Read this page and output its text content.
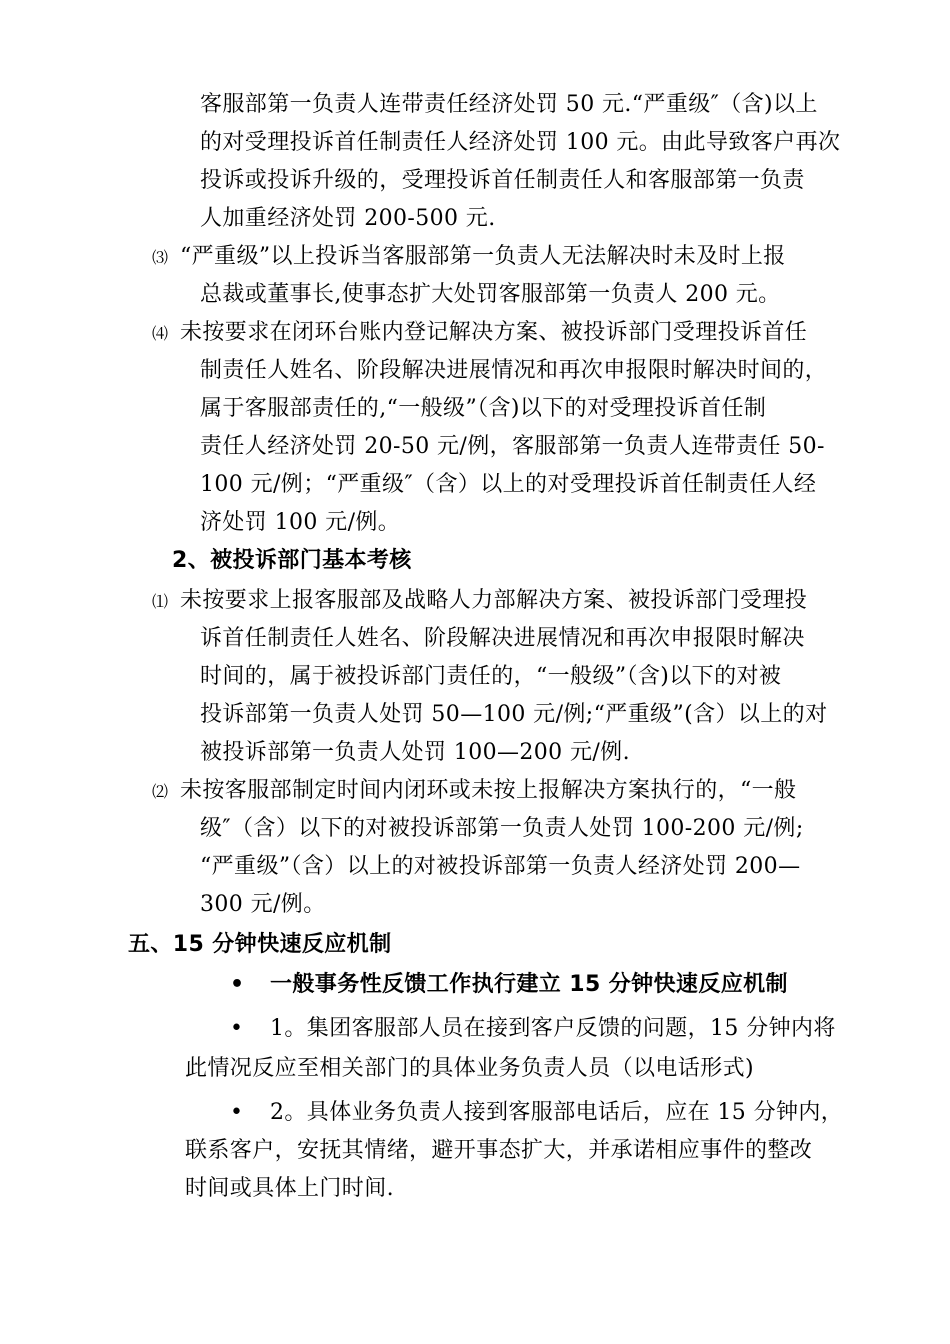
客服部第一负责人连带责任经济处罚 50 元.“严重级″（含)以上
的对受理投诉首任制责任人经济处罚 100 元。由此导致客户再次
投诉或投诉升级的，受理投诉首任制责任人和客服部第一负责
人加重经济处罚 200-500 元.
⑶ “严重级”以上投诉当客服部第一负责人无法解决时未及时上报
总裁或董事长,使事态扩大处罚客服部第一负责人 200 元。
⑷ 未按要求在闭环台账内登记解决方案、被投诉部门受理投诉首任
制责任人姓名、阶段解决进展情况和再次申报限时解决时间的，
属于客服部责任的,“一般级”（含)以下的对受理投诉首任制
责任人经济处罚 20-50 元/例，客服部第一负责人连带责任 50-
100 元/例；“严重级″（含）以上的对受理投诉首任制责任人经
济处罚 100 元/例。
2、被投诉部门基本考核
⑴ 未按要求上报客服部及战略人力部解决方案、被投诉部门受理投
诉首任制责任人姓名、阶段解决进展情况和再次申报限时解决
时间的，属于被投诉部门责任的，“一般级”（含)以下的对被
投诉部第一负责人处罚 50—100 元/例;“严重级”(含）以上的对
被投诉部第一负责人处罚 100—200 元/例.
⑵ 未按客服部制定时间内闭环或未按上报解决方案执行的，“一般
级″（含）以下的对被投诉部第一负责人处罚 100-200 元/例;
“严重级”（含）以上的对被投诉部第一负责人经济处罚 200—
300 元/例。
五、15 分钟快速反应机制
• 一般事务性反馈工作执行建立 15 分钟快速反应机制
• 1。集团客服部人员在接到客户反馈的问题，15 分钟内将
此情况反应至相关部门的具体业务负责人员（以电话形式)
• 2。具体业务负责人接到客服部电话后，应在 15 分钟内，
联系客户，安抚其情绪，避开事态扩大，并承诺相应事件的整改
时间或具体上门时间.
